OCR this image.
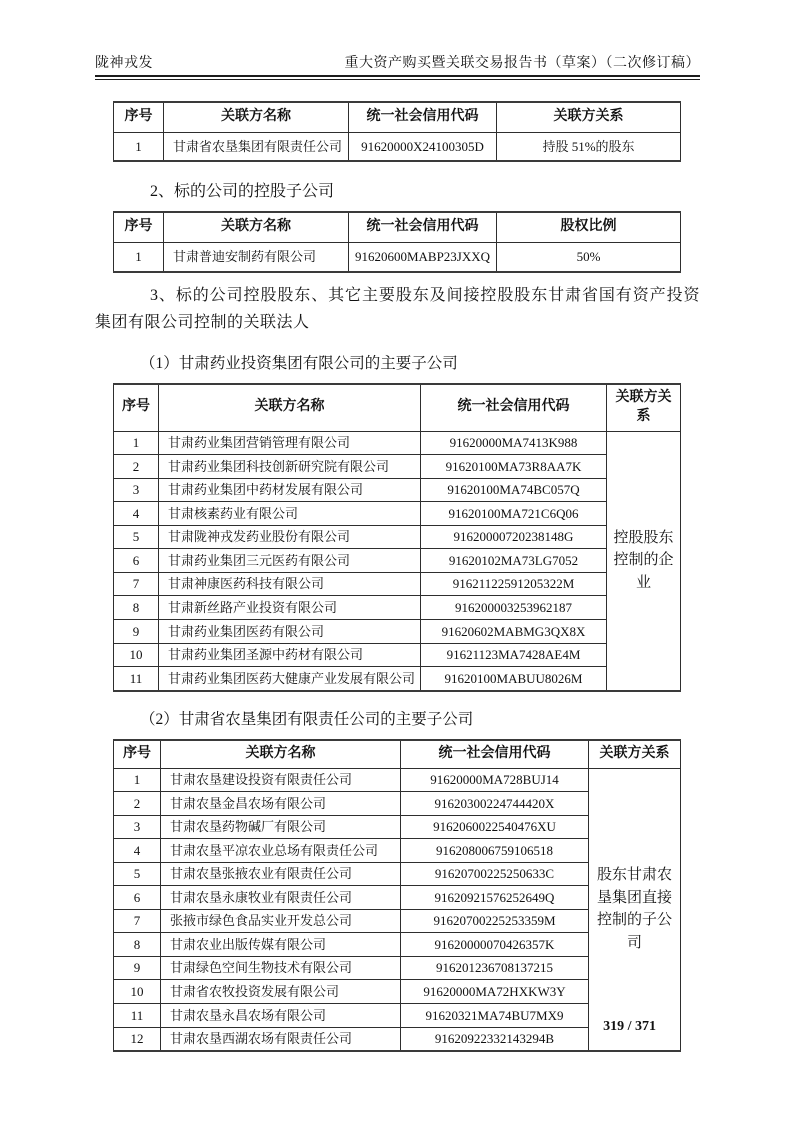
陇神戎发	重大资产购买暨关联交易报告书（草案）（二次修订稿）
序号	关联方名称	统一社会信用代码	关联方关系
1	甘肃省农垦集团有限责任公司	91620000X24100305D	持股 51%的股东

2、标的公司的控股子公司

序号	关联方名称	统一社会信用代码	股权比例
1	甘肃普迪安制药有限公司	91620600MABP23JXXQ	50%

3、标的公司控股股东、其它主要股东及间接控股股东甘肃省国有资产投资集团有限公司控制的关联法人

（1）甘肃药业投资集团有限公司的主要子公司

序号	关联方名称	统一社会信用代码	关联方关系
1	甘肃药业集团营销管理有限公司	91620000MA7413K988	控股股东控制的企业
2	甘肃药业集团科技创新研究院有限公司	91620100MA73R8AA7K	
3	甘肃药业集团中药材发展有限公司	91620100MA74BC057Q	
4	甘肃核素药业有限公司	91620100MA721C6Q06	
5	甘肃陇神戎发药业股份有限公司	91620000720238148G	
6	甘肃药业集团三元医药有限公司	91620102MA73LG7052	
7	甘肃神康医药科技有限公司	91621122591205322M	
8	甘肃新丝路产业投资有限公司	916200003253962187	
9	甘肃药业集团医药有限公司	91620602MABMG3QX8X	
10	甘肃药业集团圣源中药材有限公司	91621123MA7428AE4M	
11	甘肃药业集团医药大健康产业发展有限公司	91620100MABUU8026M	

（2）甘肃省农垦集团有限责任公司的主要子公司

序号	关联方名称	统一社会信用代码	关联方关系
1	甘肃农垦建设投资有限责任公司	91620000MA728BUJ14	股东甘肃农垦集团直接控制的子公司
2	甘肃农垦金昌农场有限公司	91620300224744420X	
3	甘肃农垦药物碱厂有限公司	9162060022540476XU	
4	甘肃农垦平凉农业总场有限责任公司	916208006759106518	
5	甘肃农垦张掖农业有限责任公司	91620700225250633C	
6	甘肃农垦永康牧业有限责任公司	91620921576252649Q	
7	张掖市绿色食品实业开发总公司	91620700225253359M	
8	甘肃农业出版传媒有限公司	91620000070426357K	
9	甘肃绿色空间生物技术有限公司	916201236708137215	
10	甘肃省农牧投资发展有限公司	91620000MA72HXKW3Y	
11	甘肃农垦永昌农场有限公司	91620321MA74BU7MX9	
12	甘肃农垦西湖农场有限责任公司	91620922332143294B	
319 / 371
